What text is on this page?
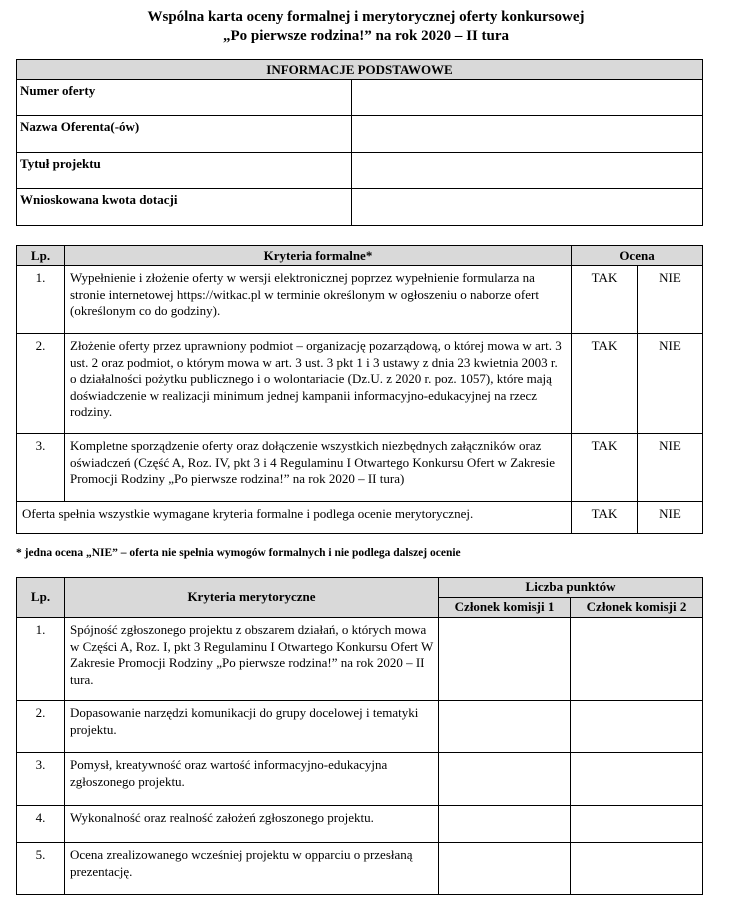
Wspólna karta oceny formalnej i merytorycznej oferty konkursowej
„Po pierwsze rodzina!” na rok 2020 – II tura
INFORMACJE PODSTAWOWE	
Numer oferty	
Nazwa Oferenta(-ów)	
Tytuł projektu	
Wnioskowana kwota dotacji	
Lp.	Kryteria formalne*	Ocena	
1.	Wypełnienie i złożenie oferty w wersji elektronicznej poprzez wypełnienie formularza na stronie internetowej https://witkac.pl w terminie określonym w ogłoszeniu o naborze ofert (określonym co do godziny).	TAK	NIE
2.	Złożenie oferty przez uprawniony podmiot – organizację pozarządową, o której mowa w art. 3 ust. 2 oraz podmiot, o którym mowa w art. 3 ust. 3 pkt 1 i 3 ustawy z dnia 23 kwietnia 2003 r. o działalności pożytku publicznego i o wolontariacie (Dz.U. z 2020 r. poz. 1057), które mają doświadczenie w realizacji minimum jednej kampanii informacyjno-edukacyjnej na rzecz rodziny.	TAK	NIE
3.	Kompletne sporządzenie oferty oraz dołączenie wszystkich niezbędnych załączników oraz oświadczeń (Część A, Roz. IV, pkt 3 i 4 Regulaminu I Otwartego Konkursu Ofert w Zakresie Promocji Rodziny „Po pierwsze rodzina!” na rok 2020 – II tura)	TAK	NIE
Oferta spełnia wszystkie wymagane kryteria formalne i podlega ocenie merytorycznej.		TAK	NIE
* jedna ocena „NIE” – oferta nie spełnia wymogów formalnych i nie podlega dalszej ocenie
Lp.	Kryteria merytoryczne	Liczba punktów	
		Członek komisji 1	Członek komisji 2
1.	Spójność zgłoszonego projektu z obszarem działań, o których mowa w Części A, Roz. I, pkt 3 Regulaminu I Otwartego Konkursu Ofert W Zakresie Promocji Rodziny „Po pierwsze rodzina!” na rok 2020 – II tura.		
2.	Dopasowanie narzędzi komunikacji do grupy docelowej i tematyki projektu.		
3.	Pomysł, kreatywność oraz wartość informacyjno-edukacyjna zgłoszonego projektu.		
4.	Wykonalność oraz realność założeń zgłoszonego projektu.		
5.	Ocena zrealizowanego wcześniej projektu w opparciu o przesłaną prezentację.		
